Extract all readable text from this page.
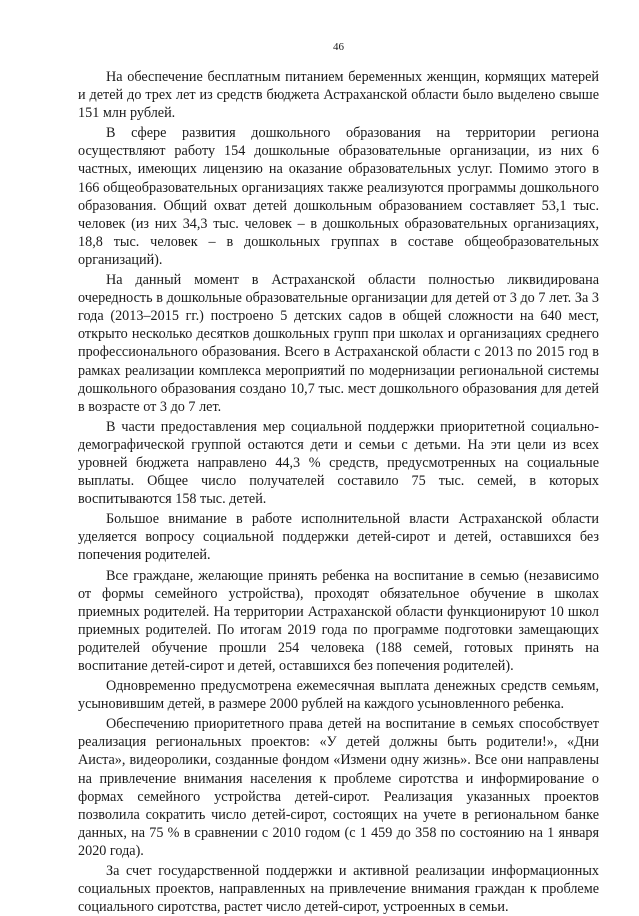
46

На обеспечение бесплатным питанием беременных женщин, кормящих матерей и детей до трех лет из средств бюджета Астраханской области было выделено свыше 151 млн рублей.

В сфере развития дошкольного образования на территории региона осуществляют работу 154 дошкольные образовательные организации, из них 6 частных, имеющих лицензию на оказание образовательных услуг. Помимо этого в 166 общеобразовательных организациях также реализуются программы дошкольного образования. Общий охват детей дошкольным образованием составляет 53,1 тыс. человек (из них 34,3 тыс. человек – в дошкольных образовательных организациях, 18,8 тыс. человек – в дошкольных группах в составе общеобразовательных организаций).

На данный момент в Астраханской области полностью ликвидирована очередность в дошкольные образовательные организации для детей от 3 до 7 лет. За 3 года (2013–2015 гг.) построено 5 детских садов в общей сложности на 640 мест, открыто несколько десятков дошкольных групп при школах и организациях среднего профессионального образования. Всего в Астраханской области с 2013 по 2015 год в рамках реализации комплекса мероприятий по модернизации региональной системы дошкольного образования создано 10,7 тыс. мест дошкольного образования для детей в возрасте от 3 до 7 лет.

В части предоставления мер социальной поддержки приоритетной социально-демографической группой остаются дети и семьи с детьми. На эти цели из всех уровней бюджета направлено 44,3 % средств, предусмотренных на социальные выплаты. Общее число получателей составило 75 тыс. семей, в которых воспитываются 158 тыс. детей.

Большое внимание в работе исполнительной власти Астраханской области уделяется вопросу социальной поддержки детей-сирот и детей, оставшихся без попечения родителей.

Все граждане, желающие принять ребенка на воспитание в семью (независимо от формы семейного устройства), проходят обязательное обучение в школах приемных родителей. На территории Астраханской области функционируют 10 школ приемных родителей. По итогам 2019 года по программе подготовки замещающих родителей обучение прошли 254 человека (188 семей, готовых принять на воспитание детей-сирот и детей, оставшихся без попечения родителей).

Одновременно предусмотрена ежемесячная выплата денежных средств семьям, усыновившим детей, в размере 2000 рублей на каждого усыновленного ребенка.

Обеспечению приоритетного права детей на воспитание в семьях способствует реализация региональных проектов: «У детей должны быть родители!», «Дни Аиста», видеоролики, созданные фондом «Измени одну жизнь». Все они направлены на привлечение внимания населения к проблеме сиротства и информирование о формах семейного устройства детей-сирот. Реализация указанных проектов позволила сократить число детей-сирот, состоящих на учете в региональном банке данных, на 75 % в сравнении с 2010 годом (с 1 459 до 358 по состоянию на 1 января 2020 года).

За счет государственной поддержки и активной реализации информационных социальных проектов, направленных на привлечение внимания граждан к проблеме социального сиротства, растет число детей-сирот, устроенных в семьи.
